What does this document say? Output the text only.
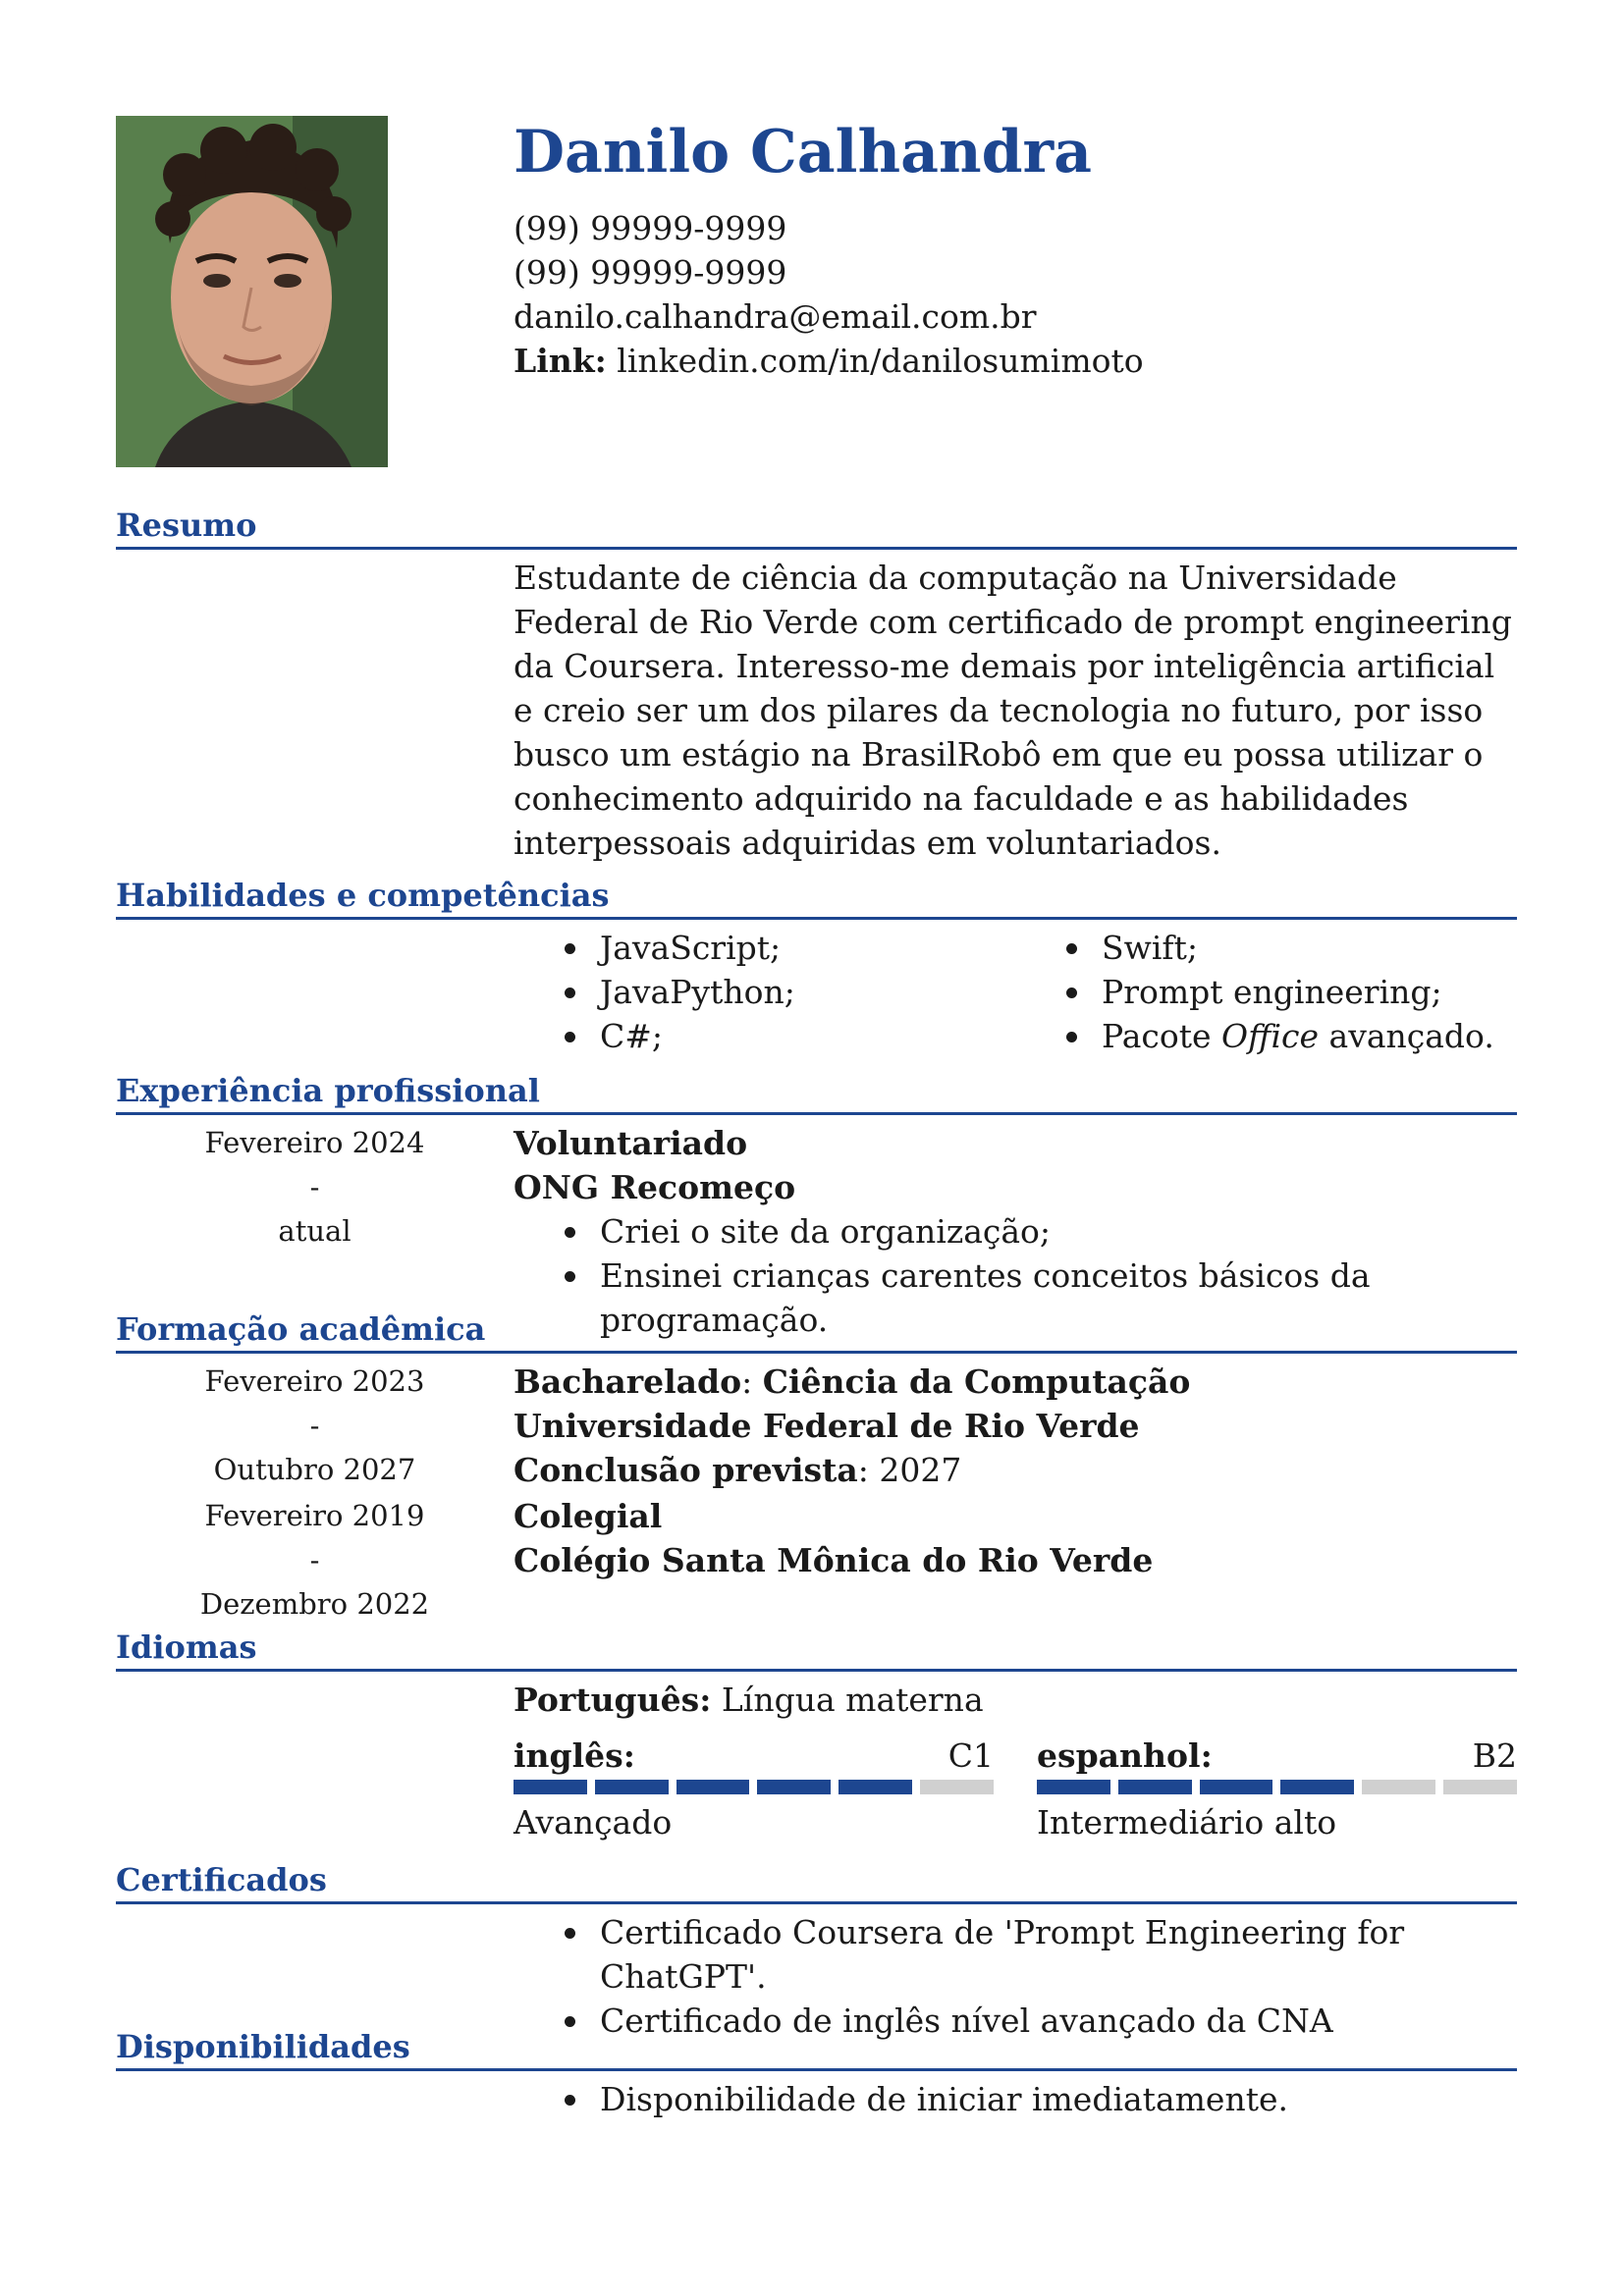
Danilo Calhandra
(99) 99999-9999
(99) 99999-9999
danilo.calhandra@email.com.br
Link: linkedin.com/in/danilosumimoto
Resumo
Estudante de ciência da computação na Universidade Federal de Rio Verde com certificado de prompt engineering da Coursera. Interesso-me demais por inteligência artificial e creio ser um dos pilares da tecnologia no futuro, por isso busco um estágio na BrasilRobô em que eu possa utilizar o conhecimento adquirido na faculdade e as habilidades interpessoais adquiridas em voluntariados.
Habilidades e competências
JavaScript;
JavaPython;
C#;
Swift;
Prompt engineering;
Pacote Office avançado.
Experiência profissional
Fevereiro 2024
-
atual
Voluntariado
ONG Recomeço
Criei o site da organização;
Ensinei crianças carentes conceitos básicos da programação.
Formação acadêmica
Fevereiro 2023
-
Outubro 2027
Bacharelado: Ciência da Computação
Universidade Federal de Rio Verde
Conclusão prevista: 2027
Fevereiro 2019
-
Dezembro 2022
Colegial
Colégio Santa Mônica do Rio Verde
Idiomas
Português: Língua materna
inglês:	C1
Avançado
espanhol:	B2
Intermediário alto
Certificados
Certificado Coursera de 'Prompt Engineering for ChatGPT'.
Certificado de inglês nível avançado da CNA
Disponibilidades
Disponibilidade de iniciar imediatamente.
